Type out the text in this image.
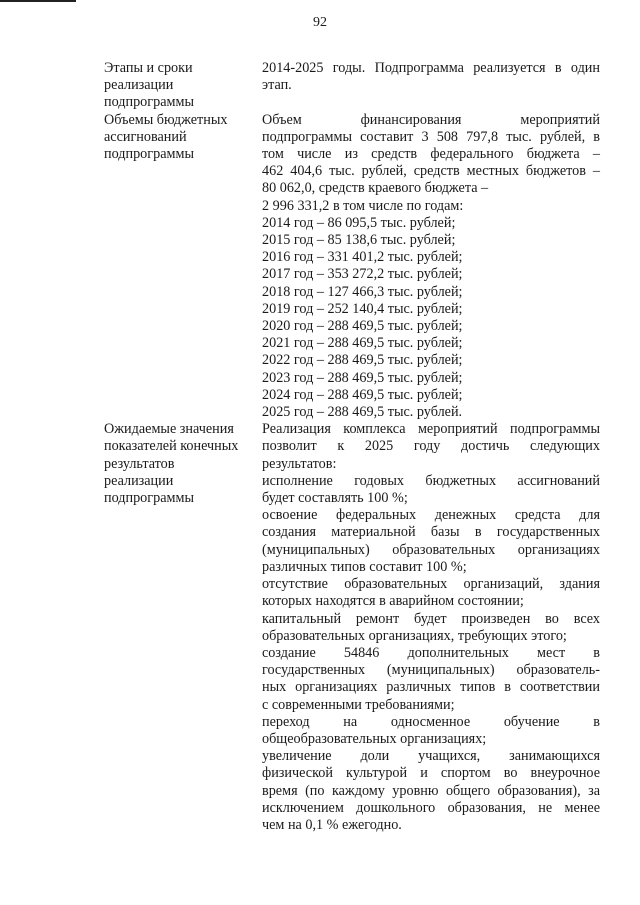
92
Этапы и сроки
реализации
подпрограммы
2014-2025 годы. Подпрограмма реализуется в один
этап.
Объемы бюджетных
ассигнований
подпрограммы
Объем финансирования мероприятий
подпрограммы составит 3 508 797,8 тыс. рублей, в
том числе из средств федерального бюджета –
462 404,6 тыс. рублей, средств местных бюджетов –
80 062,0, средств краевого бюджета –
2 996 331,2 в том числе по годам:
2014 год – 86 095,5 тыс. рублей;
2015 год – 85 138,6 тыс. рублей;
2016 год – 331 401,2 тыс. рублей;
2017 год – 353 272,2 тыс. рублей;
2018 год – 127 466,3 тыс. рублей;
2019 год – 252 140,4 тыс. рублей;
2020 год – 288 469,5 тыс. рублей;
2021 год – 288 469,5 тыс. рублей;
2022 год – 288 469,5 тыс. рублей;
2023 год – 288 469,5 тыс. рублей;
2024 год – 288 469,5 тыс. рублей;
2025 год – 288 469,5 тыс. рублей.
Ожидаемые значения
показателей конечных
результатов
реализации
подпрограммы
Реализация комплекса мероприятий подпрограммы
позволит к 2025 году достичь следующих
результатов:
исполнение годовых бюджетных ассигнований
будет составлять 100 %;
освоение федеральных денежных средста для
создания материальной базы в государственных
(муниципальных) образовательных организациях
различных типов составит 100 %;
отсутствие образовательных организаций, здания
которых находятся в аварийном состоянии;
капитальный ремонт будет произведен во всех
образовательных организациях, требующих этого;
создание 54846 дополнительных мест в
государственных (муниципальных) образователь-
ных организациях различных типов в соответствии
с современными требованиями;
переход на односменное обучение в
общеобразовательных организациях;
увеличение доли учащихся, занимающихся
физической культурой и спортом во внеурочное
время (по каждому уровню общего образования), за
исключением дошкольного образования, не менее
чем на 0,1 % ежегодно.
